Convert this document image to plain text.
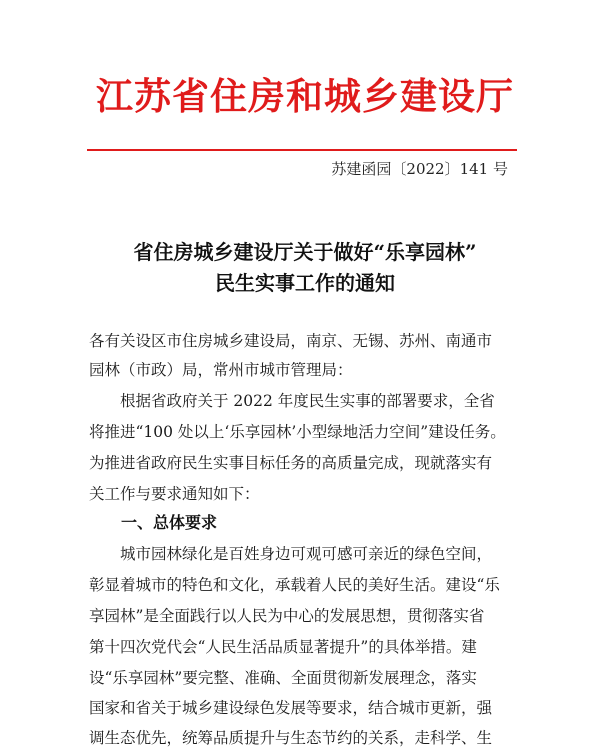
江苏省住房和城乡建设厅
苏建函园〔2022〕141 号
省住房城乡建设厅关于做好“乐享园林”
民生实事工作的通知
各有关设区市住房城乡建设局，南京、无锡、苏州、南通市
园林（市政）局，常州市城市管理局：
　　根据省政府关于 2022 年度民生实事的部署要求，全省
将推进“100 处以上‘乐享园林’小型绿地活力空间”建设任务。
为推进省政府民生实事目标任务的高质量完成，现就落实有
关工作与要求通知如下：
一、总体要求
　　城市园林绿化是百姓身边可观可感可亲近的绿色空间，
彰显着城市的特色和文化，承载着人民的美好生活。建设“乐
享园林”是全面践行以人民为中心的发展思想，贯彻落实省
第十四次党代会“人民生活品质显著提升”的具体举措。建
设“乐享园林”要完整、准确、全面贯彻新发展理念，落实
国家和省关于城乡建设绿色发展等要求，结合城市更新，强
调生态优先，统筹品质提升与生态节约的关系，走科学、生
